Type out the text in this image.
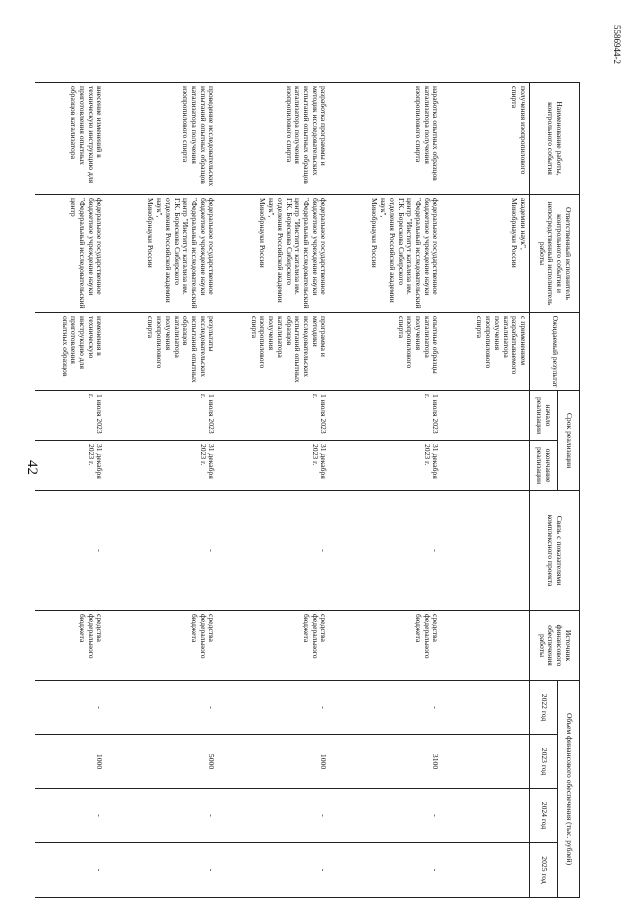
42
5586944-2
Наименование работы, контрольного события	Ответственный исполнитель контрольного события и непосредственный исполнитель работы	Ожидаемый результат	Срок реализации		Связь с показателями комплексного проекта	Источник финансового обеспечения работы	Объем финансового обеспечения (тыс. рублей)			
			начало реализации	окончание реализации			2022 год	2023 год	2024 год	2025 год

получения изопропилового спирта	академии наук",
Минобрнауки России	с применением разрабатываемого катализатора получения изопропилового спирта								
наработка опытных образцов катализатора получения изопропилового спирта	федеральное государственное бюджетное учреждение науки "Федеральный исследовательский центр "Институт катализа им. Г.К. Борескова Сибирского отделения Российской академии наук",
Минобрнауки России	опытные образцы катализатора получения изопропилового спирта	1 июля 2023 г.	31 декабря 2023 г.	-	средства федерального бюджета	-	3100	-	-
разработка программы и методик исследовательских испытаний опытных образцов катализатора получения изопропилового спирта	федеральное государственное бюджетное учреждение науки "Федеральный исследовательский центр "Институт катализа им. Г.К. Борескова Сибирского отделения Российской академии наук",
Минобрнауки России	программа и методики исследовательских испытаний опытных образцов катализатора получения изопропилового спирта	1 июля 2023 г.	31 декабря 2023 г.	-	средства федерального бюджета	-	1000	-	-
проведение исследовательских испытаний опытных образцов катализатора получения изопропилового спирта	федеральное государственное бюджетное учреждение науки "Федеральный исследовательский центр "Институт катализа им. Г.К. Борескова Сибирского отделения Российской академии наук",
Минобрнауки России	результаты исследовательских испытаний опытных образцов катализатора получения изопропилового спирта	1 июля 2023 г.	31 декабря 2023 г.	-	средства федерального бюджета	-	5000	-	-
внесение изменений в техническую инструкцию для приготовления опытных образцов катализатора	федеральное государственное бюджетное учреждение науки "Федеральный исследовательский центр	изменения в техническую инструкцию для приготовления опытных образцов	1 июля 2023 г.	31 декабря 2023 г.	-	средства федерального бюджета	-	1000	-	-
